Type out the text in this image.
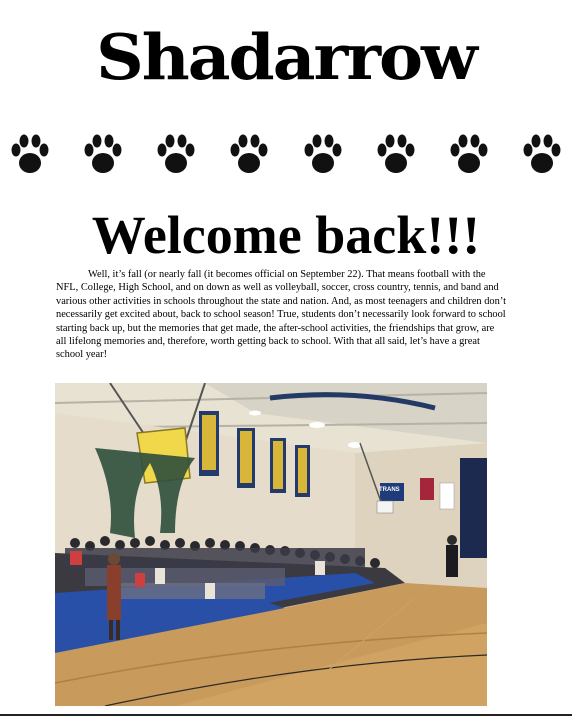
Shadarrow
Welcome back!!!

Well, it’s fall (or nearly fall (it becomes official on September 22). That means football with the NFL, College, High School, and on down as well as volleyball, soccer, cross country, tennis, and band and various other activities in schools throughout the state and nation. And, as most teenagers and children don’t necessarily get excited about, back to school season! True, students don’t necessarily look forward to school starting back up, but the memories that get made, the after-school activities, the friendships that grow, are all lifelong memories and, therefore, worth getting back to school. With that all said, let’s have a great school year!

TRANS
